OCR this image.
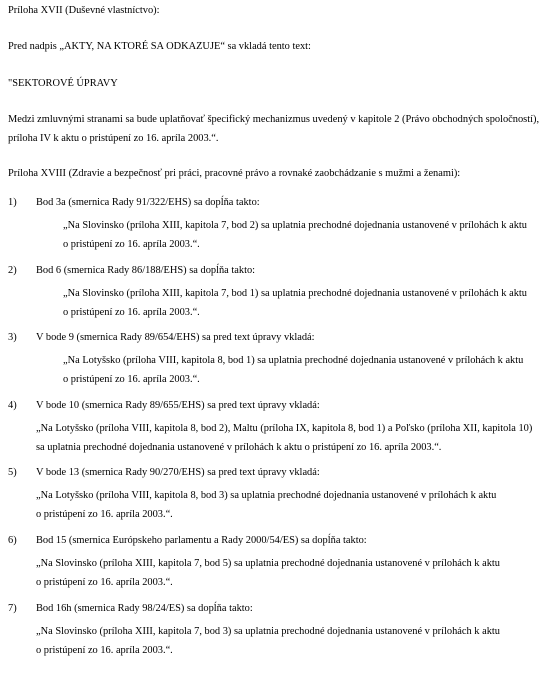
Príloha XVII (Duševné vlastníctvo):
Pred nadpis „AKTY, NA KTORÉ SA ODKAZUJE“ sa vkladá tento text:
"SEKTOROVÉ ÚPRAVY
Medzi zmluvnými stranami sa bude uplatňovať špecifický mechanizmus uvedený v kapitole 2 (Právo obchodných spoločností),
príloha IV k aktu o pristúpení zo 16. apríla 2003.“.
Príloha XVIII (Zdravie a bezpečnosť pri práci, pracovné právo a rovnaké zaobchádzanie s mužmi a ženami):
1) Bod 3a (smernica Rady 91/322/EHS) sa dopĺňa takto:
„Na Slovinsko (príloha XIII, kapitola 7, bod 2) sa uplatnia prechodné dojednania ustanovené v prílohách k aktu
o pristúpení zo 16. apríla 2003.“.
2) Bod 6 (smernica Rady 86/188/EHS) sa dopĺňa takto:
„Na Slovinsko (príloha XIII, kapitola 7, bod 1) sa uplatnia prechodné dojednania ustanovené v prílohách k aktu
o pristúpení zo 16. apríla 2003.“.
3) V bode 9 (smernica Rady 89/654/EHS) sa pred text úpravy vkladá:
„Na Lotyšsko (príloha VIII, kapitola 8, bod 1) sa uplatnia prechodné dojednania ustanovené v prílohách k aktu
o pristúpení zo 16. apríla 2003.“.
4) V bode 10 (smernica Rady 89/655/EHS) sa pred text úpravy vkladá:
„Na Lotyšsko (príloha VIII, kapitola 8, bod 2), Maltu (príloha IX, kapitola 8, bod 1) a Poľsko (príloha XII, kapitola 10)
sa uplatnia prechodné dojednania ustanovené v prílohách k aktu o pristúpení zo 16. apríla 2003.“.
5) V bode 13 (smernica Rady 90/270/EHS) sa pred text úpravy vkladá:
„Na Lotyšsko (príloha VIII, kapitola 8, bod 3) sa uplatnia prechodné dojednania ustanovené v prílohách k aktu
o pristúpení zo 16. apríla 2003.“.
6) Bod 15 (smernica Európskeho parlamentu a Rady 2000/54/ES) sa dopĺňa takto:
„Na Slovinsko (príloha XIII, kapitola 7, bod 5) sa uplatnia prechodné dojednania ustanovené v prílohách k aktu
o pristúpení zo 16. apríla 2003.“.
7) Bod 16h (smernica Rady 98/24/ES) sa dopĺňa takto:
„Na Slovinsko (príloha XIII, kapitola 7, bod 3) sa uplatnia prechodné dojednania ustanovené v prílohách k aktu
o pristúpení zo 16. apríla 2003.“.
